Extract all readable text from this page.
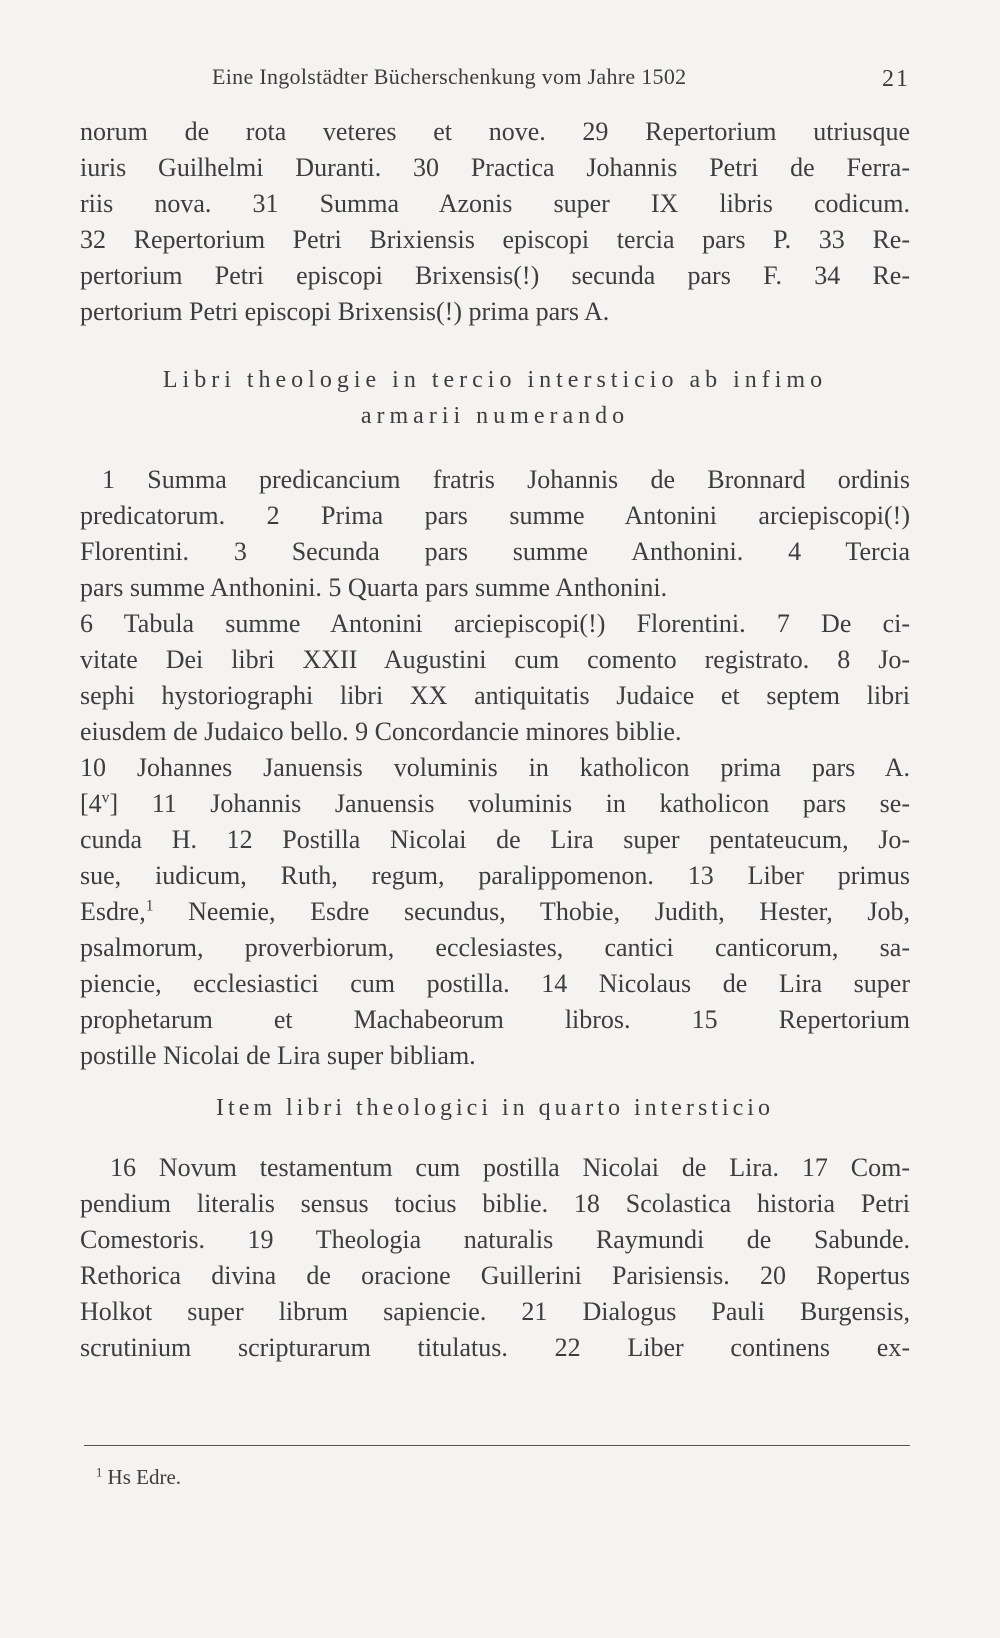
Eine Ingolstädter Bücherschenkung vom Jahre 1502	21
norum de rota veteres et nove. 29 Repertorium utriusque
iuris Guilhelmi Duranti. 30 Practica Johannis Petri de Ferra-
riis nova. 31 Summa Azonis super IX libris codicum.
32 Repertorium Petri Brixiensis episcopi tercia pars P. 33 Re-
pertorium Petri episcopi Brixensis(!) secunda pars F. 34 Re-
pertorium Petri episcopi Brixensis(!) prima pars A.
Libri theologie in tercio intersticio ab infimo
armarii numerando
1 Summa predicancium fratris Johannis de Bronnard ordinis
predicatorum. 2 Prima pars summe Antonini arciepiscopi(!)
Florentini. 3 Secunda pars summe Anthonini. 4 Tercia
pars summe Anthonini. 5 Quarta pars summe Anthonini.
6 Tabula summe Antonini arciepiscopi(!) Florentini. 7 De ci-
vitate Dei libri XXII Augustini cum comento registrato. 8 Jo-
sephi hystoriographi libri XX antiquitatis Judaice et septem libri
eiusdem de Judaico bello. 9 Concordancie minores biblie.
10 Johannes Januensis voluminis in katholicon prima pars A.
[4$^v$] 11 Johannis Januensis voluminis in katholicon pars se-
cunda H. 12 Postilla Nicolai de Lira super pentateucum, Jo-
sue, iudicum, Ruth, regum, paralippomenon. 13 Liber primus
Esdre,$^1$ Neemie, Esdre secundus, Thobie, Judith, Hester, Job,
psalmorum, proverbiorum, ecclesiastes, cantici canticorum, sa-
piencie, ecclesiastici cum postilla. 14 Nicolaus de Lira super
prophetarum et Machabeorum libros. 15 Repertorium
postille Nicolai de Lira super bibliam.
Item libri theologici in quarto intersticio
16 Novum testamentum cum postilla Nicolai de Lira. 17 Com-
pendium literalis sensus tocius biblie. 18 Scolastica historia Petri
Comestoris. 19 Theologia naturalis Raymundi de Sabunde.
Rethorica divina de oracione Guillerini Parisiensis. 20 Ropertus
Holkot super librum sapiencie. 21 Dialogus Pauli Burgensis,
scrutinium scripturarum titulatus. 22 Liber continens ex-
$^1$ Hs Edre.
